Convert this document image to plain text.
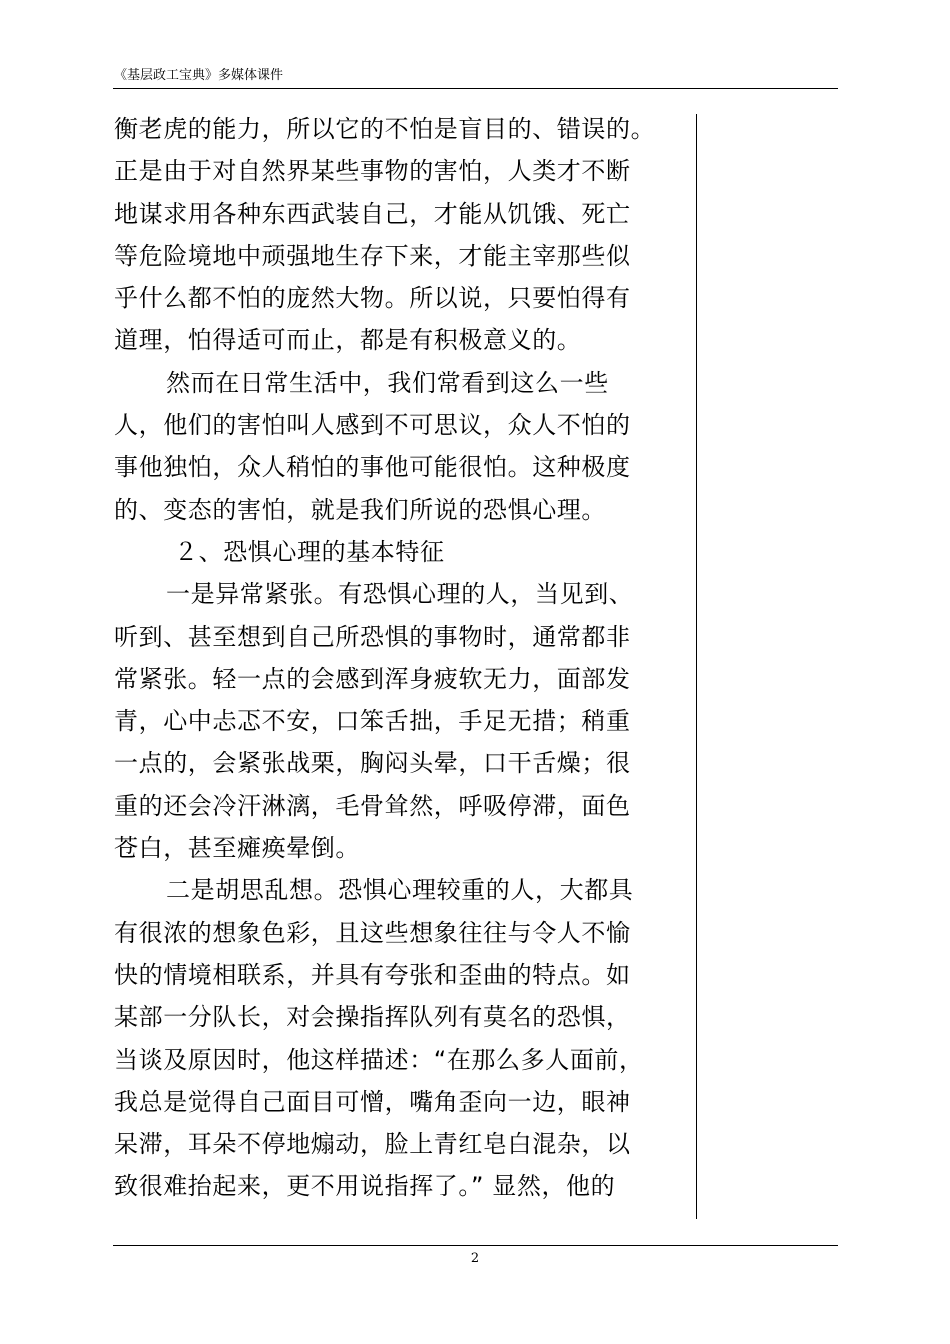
《基层政工宝典》多媒体课件
衡老虎的能力，所以它的不怕是盲目的、错误的。
正是由于对自然界某些事物的害怕，人类才不断
地谋求用各种东西武装自己，才能从饥饿、死亡
等危险境地中顽强地生存下来，才能主宰那些似
乎什么都不怕的庞然大物。所以说，只要怕得有
道理，怕得适可而止，都是有积极意义的。
然而在日常生活中，我们常看到这么一些
人，他们的害怕叫人感到不可思议，众人不怕的
事他独怕，众人稍怕的事他可能很怕。这种极度
的、变态的害怕，就是我们所说的恐惧心理。
２、恐惧心理的基本特征
一是异常紧张。有恐惧心理的人，当见到、
听到、甚至想到自己所恐惧的事物时，通常都非
常紧张。轻一点的会感到浑身疲软无力，面部发
青，心中忐忑不安，口笨舌拙，手足无措；稍重
一点的，会紧张战栗，胸闷头晕，口干舌燥；很
重的还会冷汗淋漓，毛骨耸然，呼吸停滞，面色
苍白，甚至瘫痪晕倒。
二是胡思乱想。恐惧心理较重的人，大都具
有很浓的想象色彩，且这些想象往往与令人不愉
快的情境相联系，并具有夸张和歪曲的特点。如
某部一分队长，对会操指挥队列有莫名的恐惧，
当谈及原因时，他这样描述：“在那么多人面前，
我总是觉得自己面目可憎，嘴角歪向一边，眼神
呆滞，耳朵不停地煽动，脸上青红皂白混杂，以
致很难抬起来，更不用说指挥了。” 显然，他的
2
